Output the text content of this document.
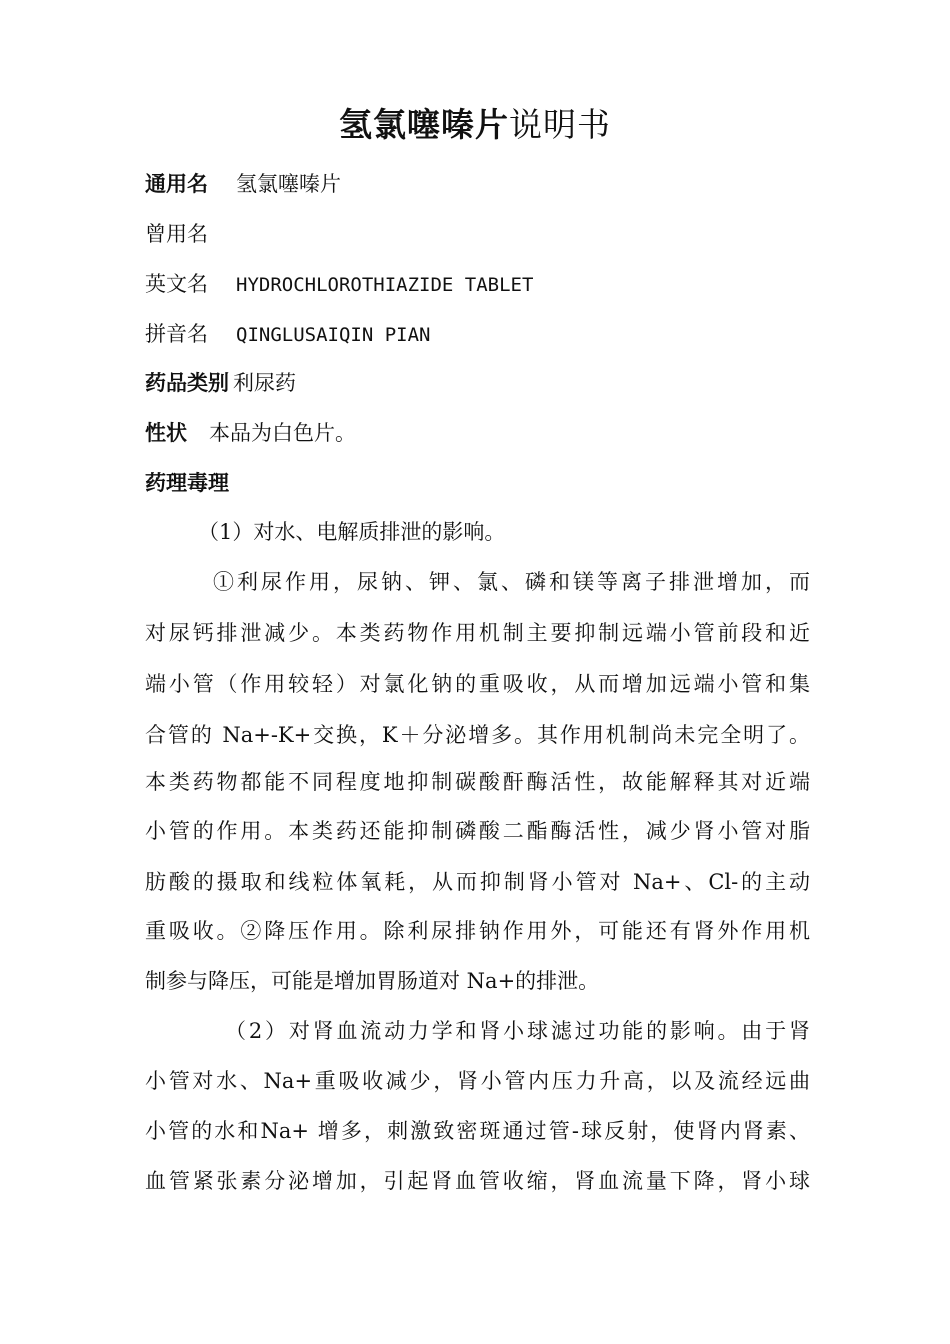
氢氯噻嗪片说明书
通用名 氢氯噻嗪片
曾用名
英文名 HYDROCHLOROTHIAZIDE TABLET
拼音名 QINGLUSAIQIN PIAN
药品类别 利尿药
性状 本品为白色片。
药理毒理
（1）对水、电解质排泄的影响。
①利尿作用，尿钠、钾、氯、磷和镁等离子排泄增加，而
对尿钙排泄减少。本类药物作用机制主要抑制远端小管前段和近
端小管（作用较轻）对氯化钠的重吸收，从而增加远端小管和集
合管的 Na+-K+交换，K＋分泌增多。其作用机制尚未完全明了。
本类药物都能不同程度地抑制碳酸酐酶活性，故能解释其对近端
小管的作用。本类药还能抑制磷酸二酯酶活性，减少肾小管对脂
肪酸的摄取和线粒体氧耗，从而抑制肾小管对 Na+、Cl-的主动
重吸收。②降压作用。除利尿排钠作用外，可能还有肾外作用机
制参与降压，可能是增加胃肠道对 Na+的排泄。
（2）对肾血流动力学和肾小球滤过功能的影响。由于肾
小管对水、Na+重吸收减少，肾小管内压力升高，以及流经远曲
小管的水和Na+ 增多，刺激致密斑通过管-球反射，使肾内肾素、
血管紧张素分泌增加，引起肾血管收缩，肾血流量下降，肾小球
